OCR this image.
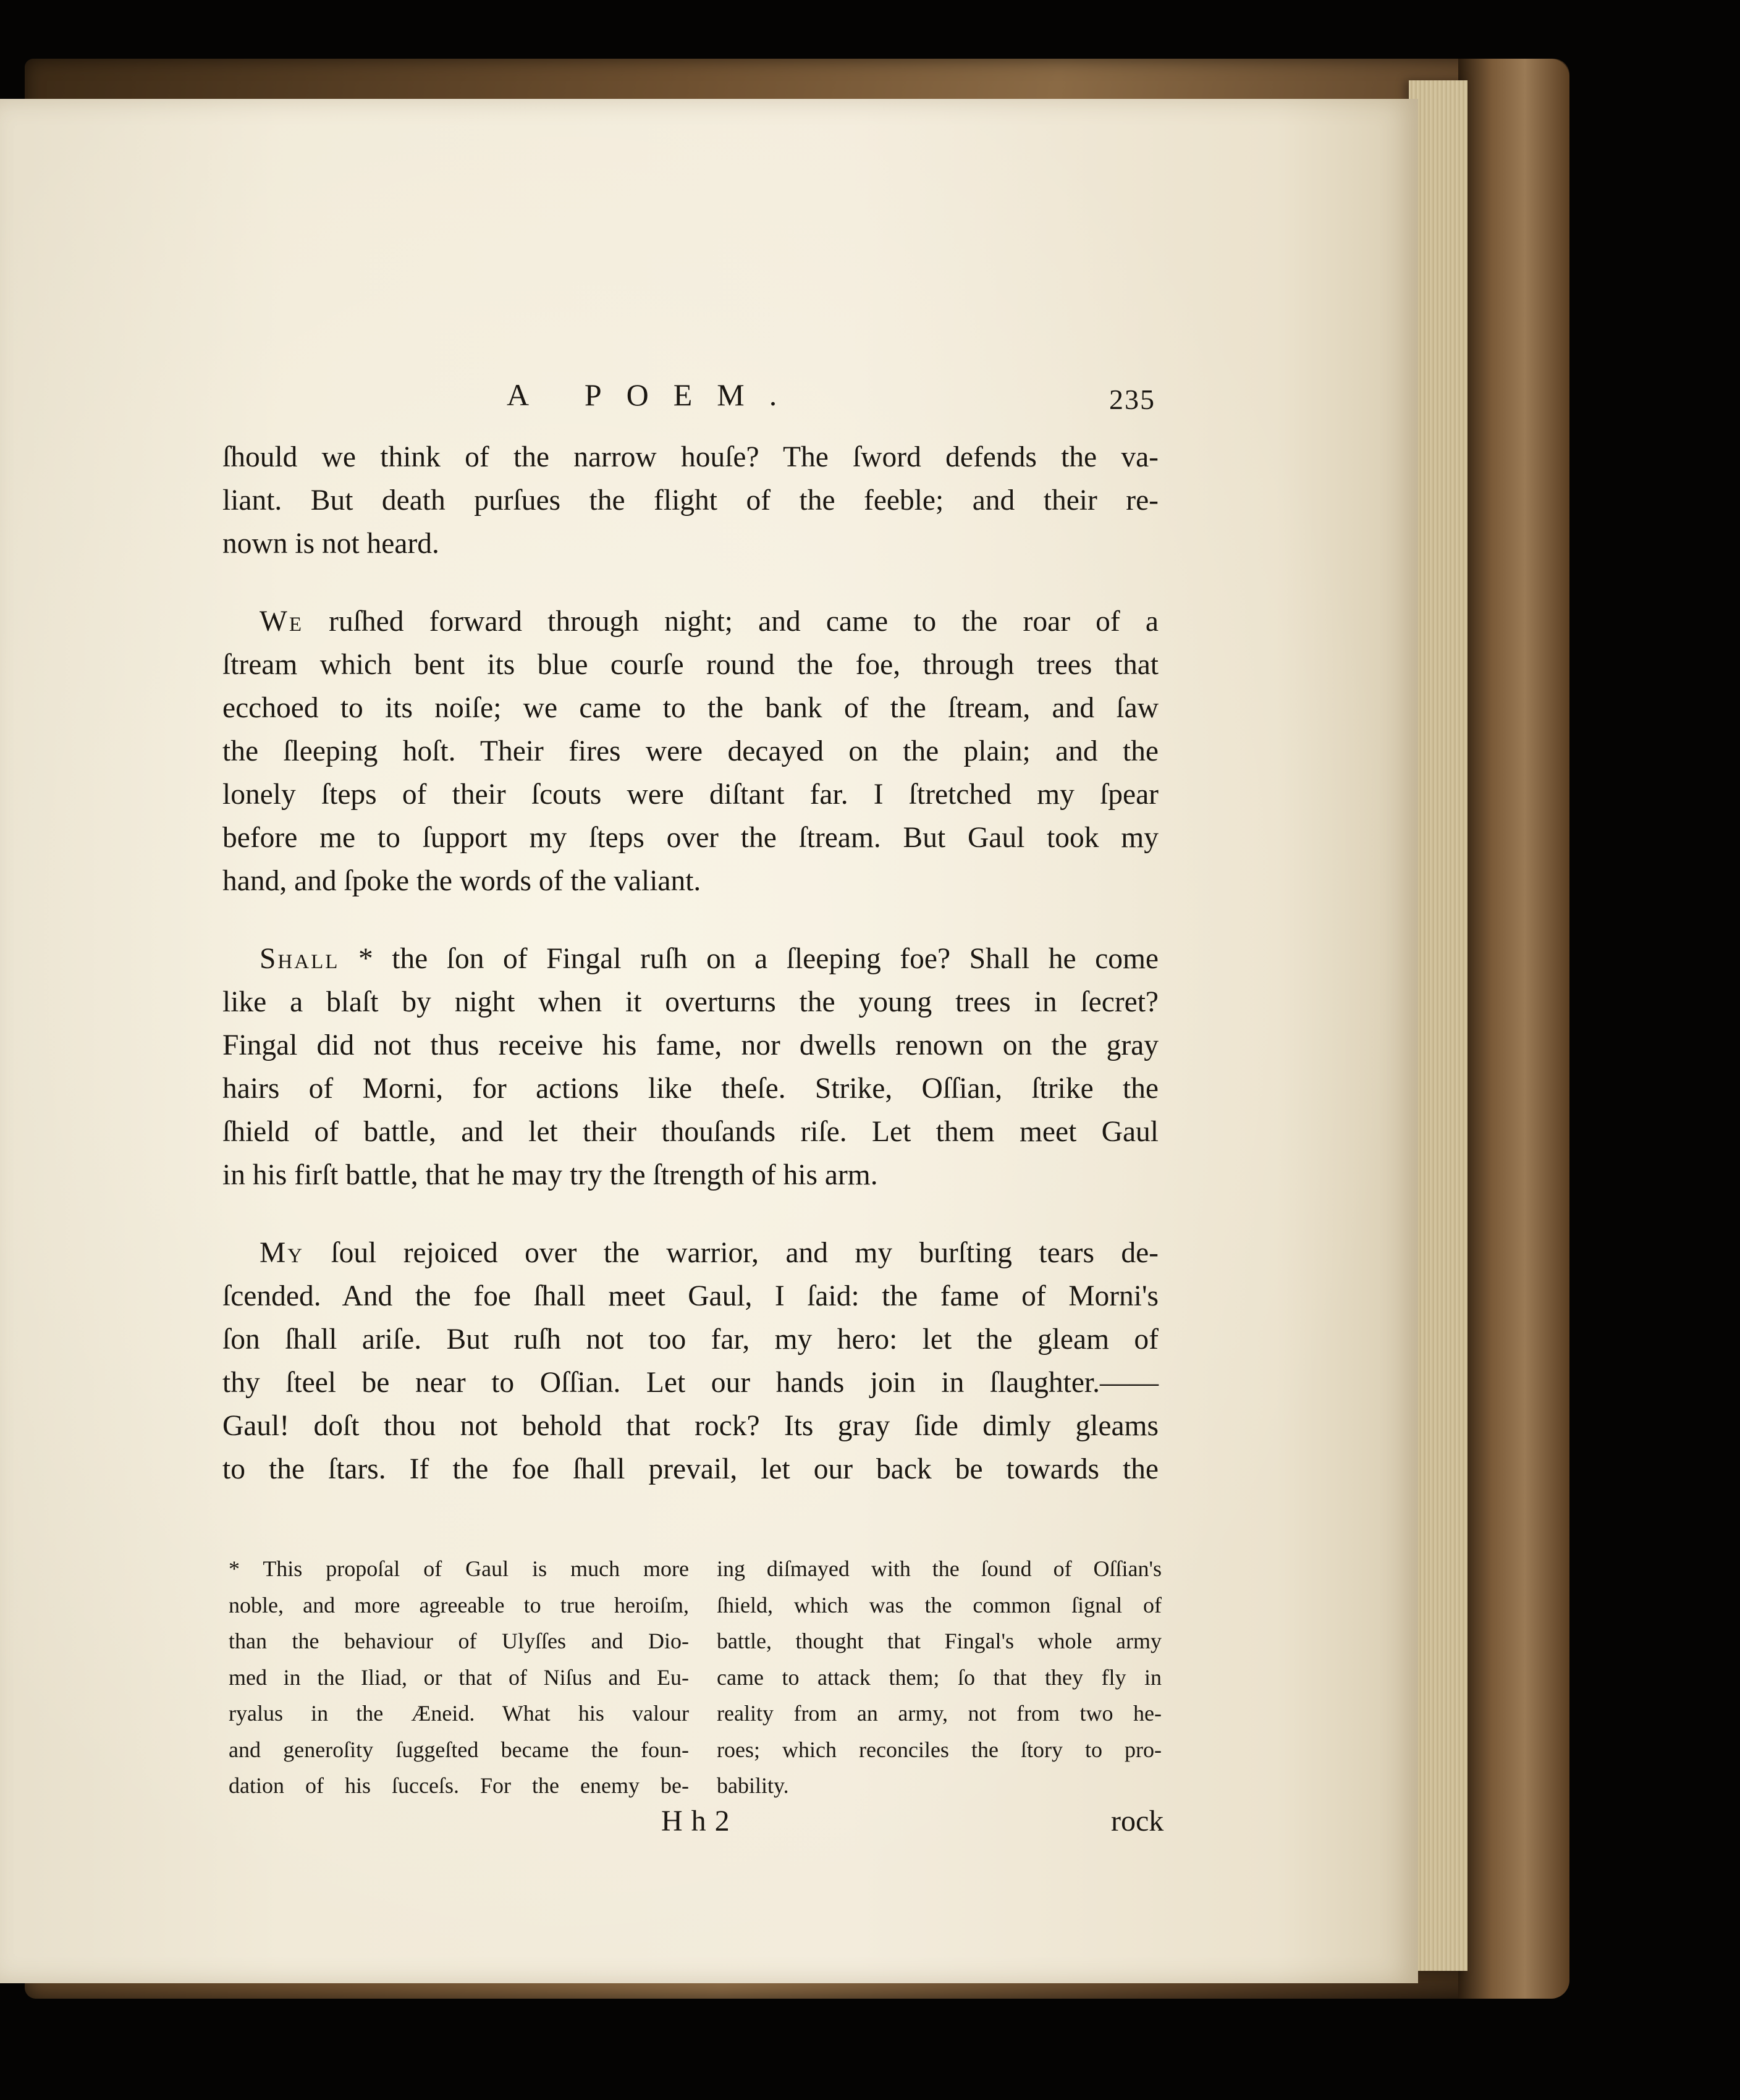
A POEM.	235

ſhould we think of the narrow houſe? The ſword defends the va-
liant. But death purſues the flight of the feeble; and their re-
nown is not heard.

We ruſhed forward through night; and came to the roar of a
ſtream which bent its blue courſe round the foe, through trees that
ecchoed to its noiſe; we came to the bank of the ſtream, and ſaw
the ſleeping hoſt. Their fires were decayed on the plain; and the
lonely ſteps of their ſcouts were diſtant far. I ſtretched my ſpear
before me to ſupport my ſteps over the ſtream. But Gaul took my
hand, and ſpoke the words of the valiant.

Shall * the ſon of Fingal ruſh on a ſleeping foe? Shall he come
like a blaſt by night when it overturns the young trees in ſecret?
Fingal did not thus receive his fame, nor dwells renown on the gray
hairs of Morni, for actions like theſe. Strike, Oſſian, ſtrike the
ſhield of battle, and let their thouſands riſe. Let them meet Gaul
in his firſt battle, that he may try the ſtrength of his arm.

My ſoul rejoiced over the warrior, and my burſting tears de-
ſcended. And the foe ſhall meet Gaul, I ſaid: the fame of Morni's
ſon ſhall ariſe. But ruſh not too far, my hero: let the gleam of
thy ſteel be near to Oſſian. Let our hands join in ſlaughter.——
Gaul! doſt thou not behold that rock? Its gray ſide dimly gleams
to the ſtars. If the foe ſhall prevail, let our back be towards the

* This propoſal of Gaul is much more
noble, and more agreeable to true heroiſm,
than the behaviour of Ulyſſes and Dio-
med in the Iliad, or that of Niſus and Eu-
ryalus in the Æneid. What his valour
and generoſity ſuggeſted became the foun-
dation of his ſucceſs. For the enemy be-
ing diſmayed with the ſound of Oſſian's
ſhield, which was the common ſignal of
battle, thought that Fingal's whole army
came to attack them; ſo that they fly in
reality from an army, not from two he-
roes; which reconciles the ſtory to pro-
bability.
Hh2	rock
